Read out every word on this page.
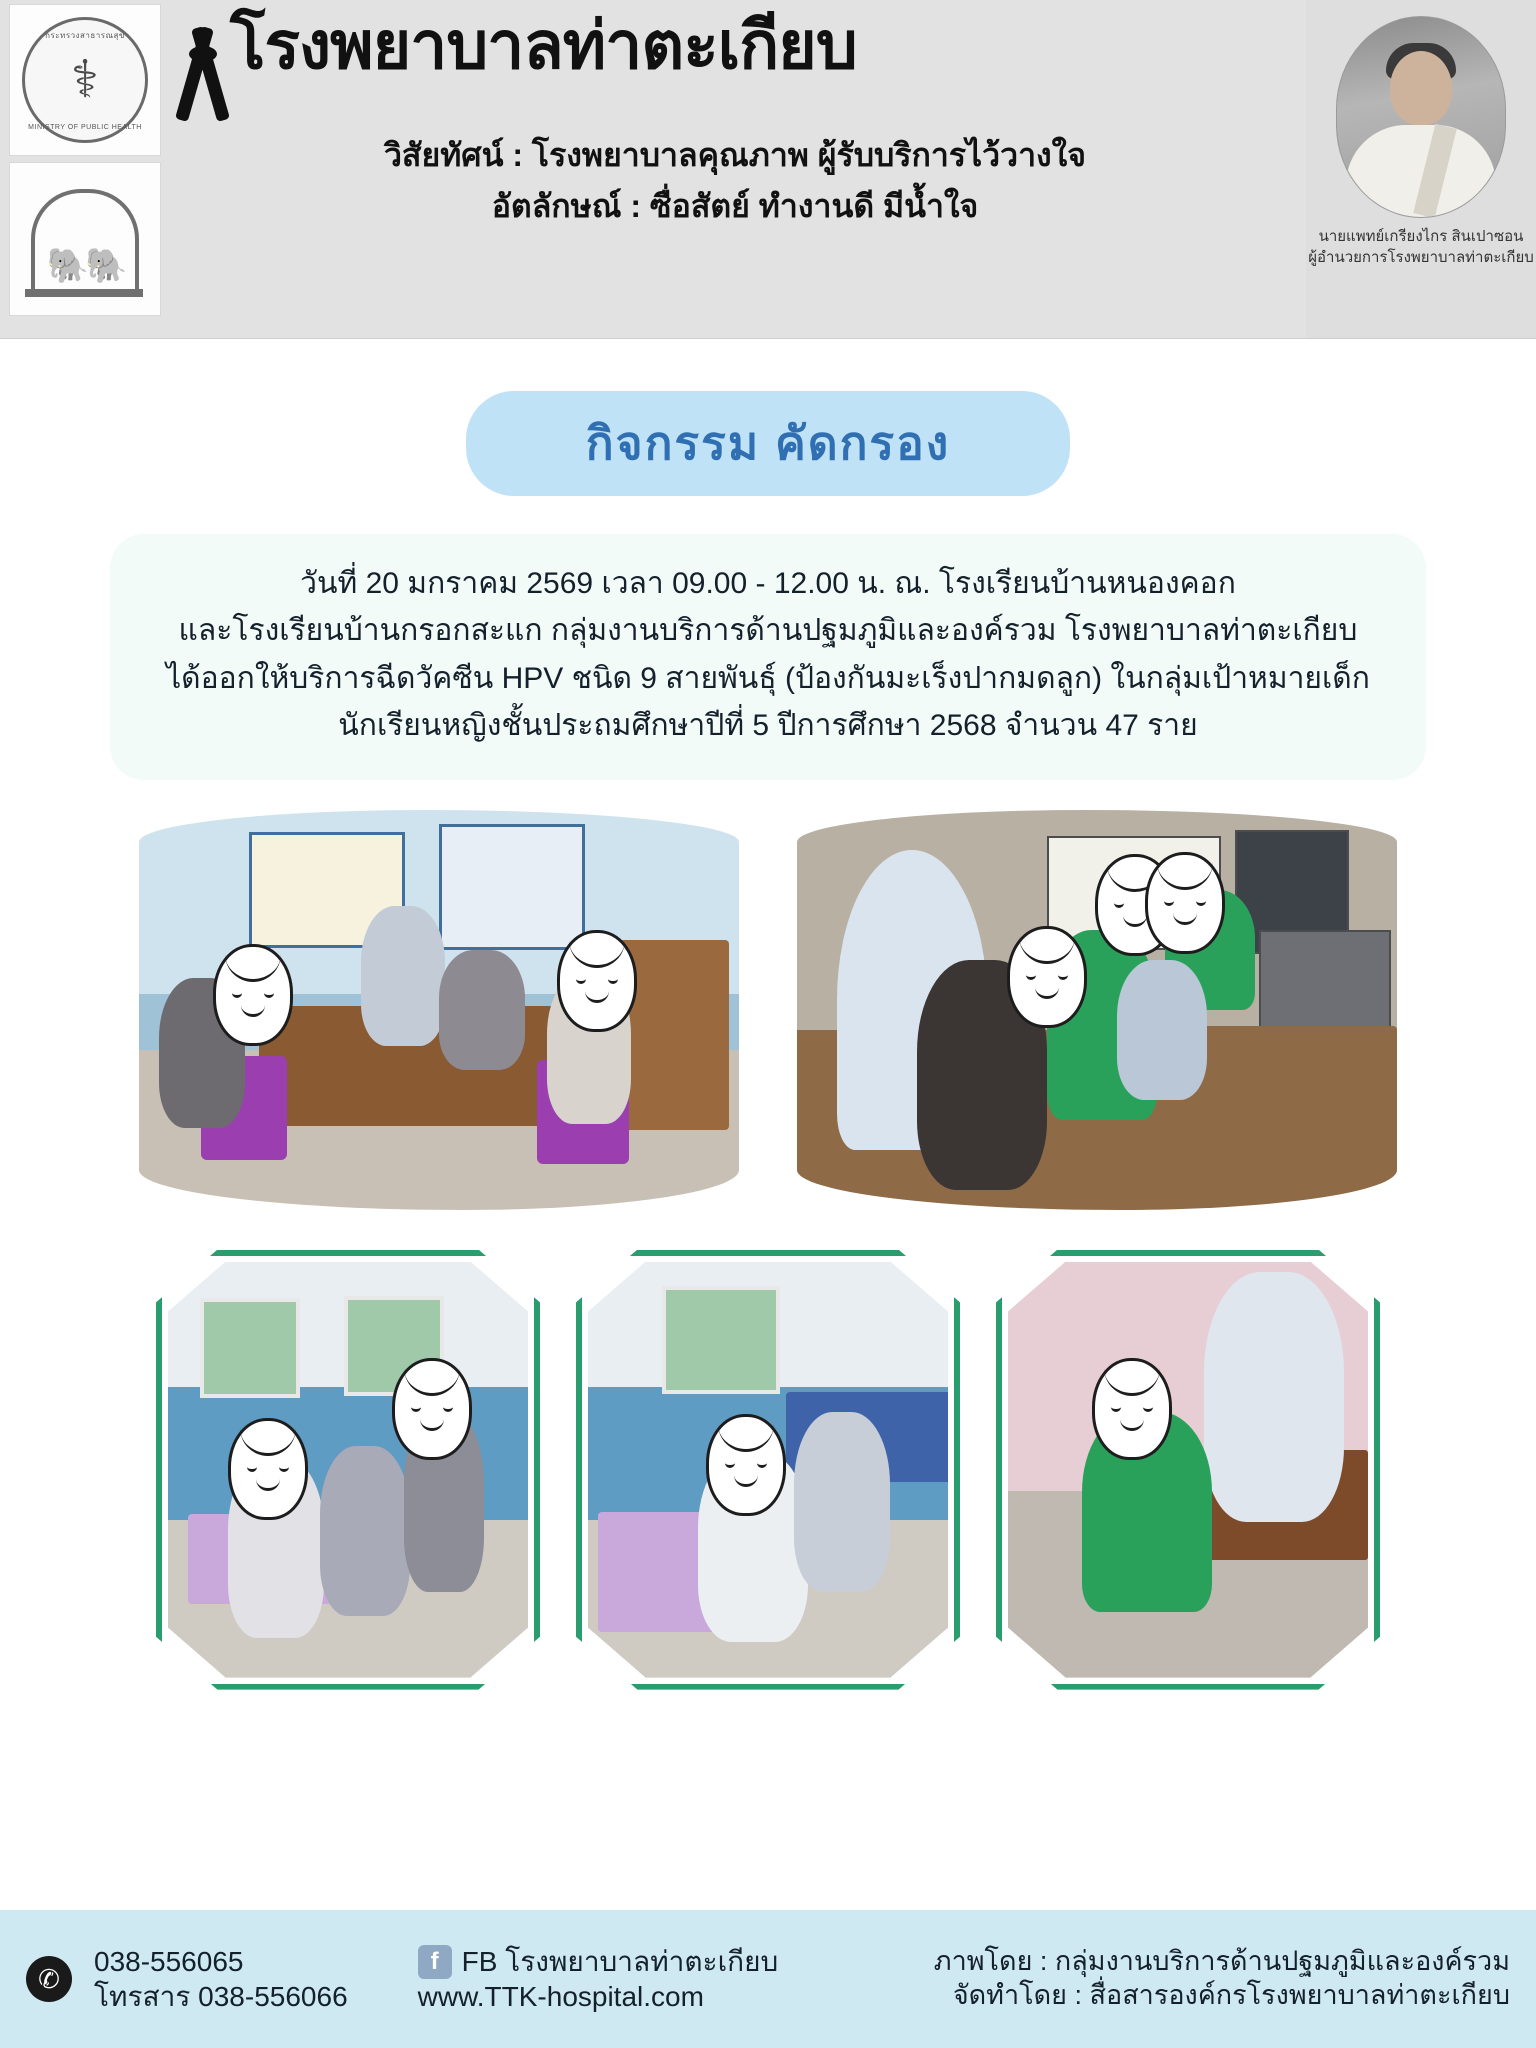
กระทรวงสาธารณสุข
⚕
MINISTRY OF PUBLIC HEALTH
🐘🐘
โรงพยาบาลท่าตะเกียบ
วิสัยทัศน์ : โรงพยาบาลคุณภาพ ผู้รับบริการไว้วางใจ
อัตลักษณ์ : ซื่อสัตย์ ทำงานดี มีน้ำใจ
นายแพทย์เกรียงไกร สินเปาซอน
ผู้อำนวยการโรงพยาบาลท่าตะเกียบ
กิจกรรม คัดกรอง
วันที่ 20 มกราคม 2569 เวลา 09.00 - 12.00 น. ณ. โรงเรียนบ้านหนองคอก
และโรงเรียนบ้านกรอกสะแก กลุ่มงานบริการด้านปฐมภูมิและองค์รวม โรงพยาบาลท่าตะเกียบ
ได้ออกให้บริการฉีดวัคซีน HPV ชนิด 9 สายพันธุ์ (ป้องกันมะเร็งปากมดลูก) ในกลุ่มเป้าหมายเด็ก
นักเรียนหญิงชั้นประถมศึกษาปีที่ 5 ปีการศึกษา 2568 จำนวน 47 ราย
✆
038-556065
โทรสาร 038-556066
f FB โรงพยาบาลท่าตะเกียบ
www.TTK-hospital.com
ภาพโดย : กลุ่มงานบริการด้านปฐมภูมิและองค์รวม
จัดทำโดย : สื่อสารองค์กรโรงพยาบาลท่าตะเกียบ
